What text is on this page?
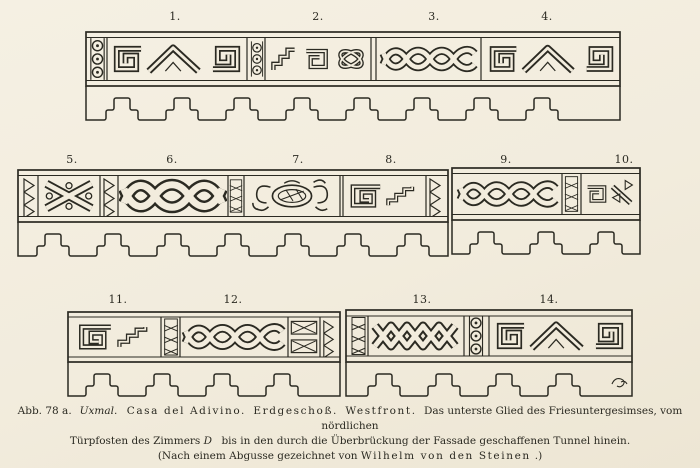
1.	2.	3.	4.
5.	6.	7.	8.	9.	10.
11.	12.	13.	14.

Abb. 78 a. Uxmal. Casa del Adivino. Erdgeschoß. Westfront. Das unterste Glied des Friesuntergesimses, vom nördlichen

Türpfosten des Zimmers D bis in den durch die Überbrückung der Fassade geschaffenen Tunnel hinein.

(Nach einem Abgusse gezeichnet von Wilhelm von den Steinen .)
